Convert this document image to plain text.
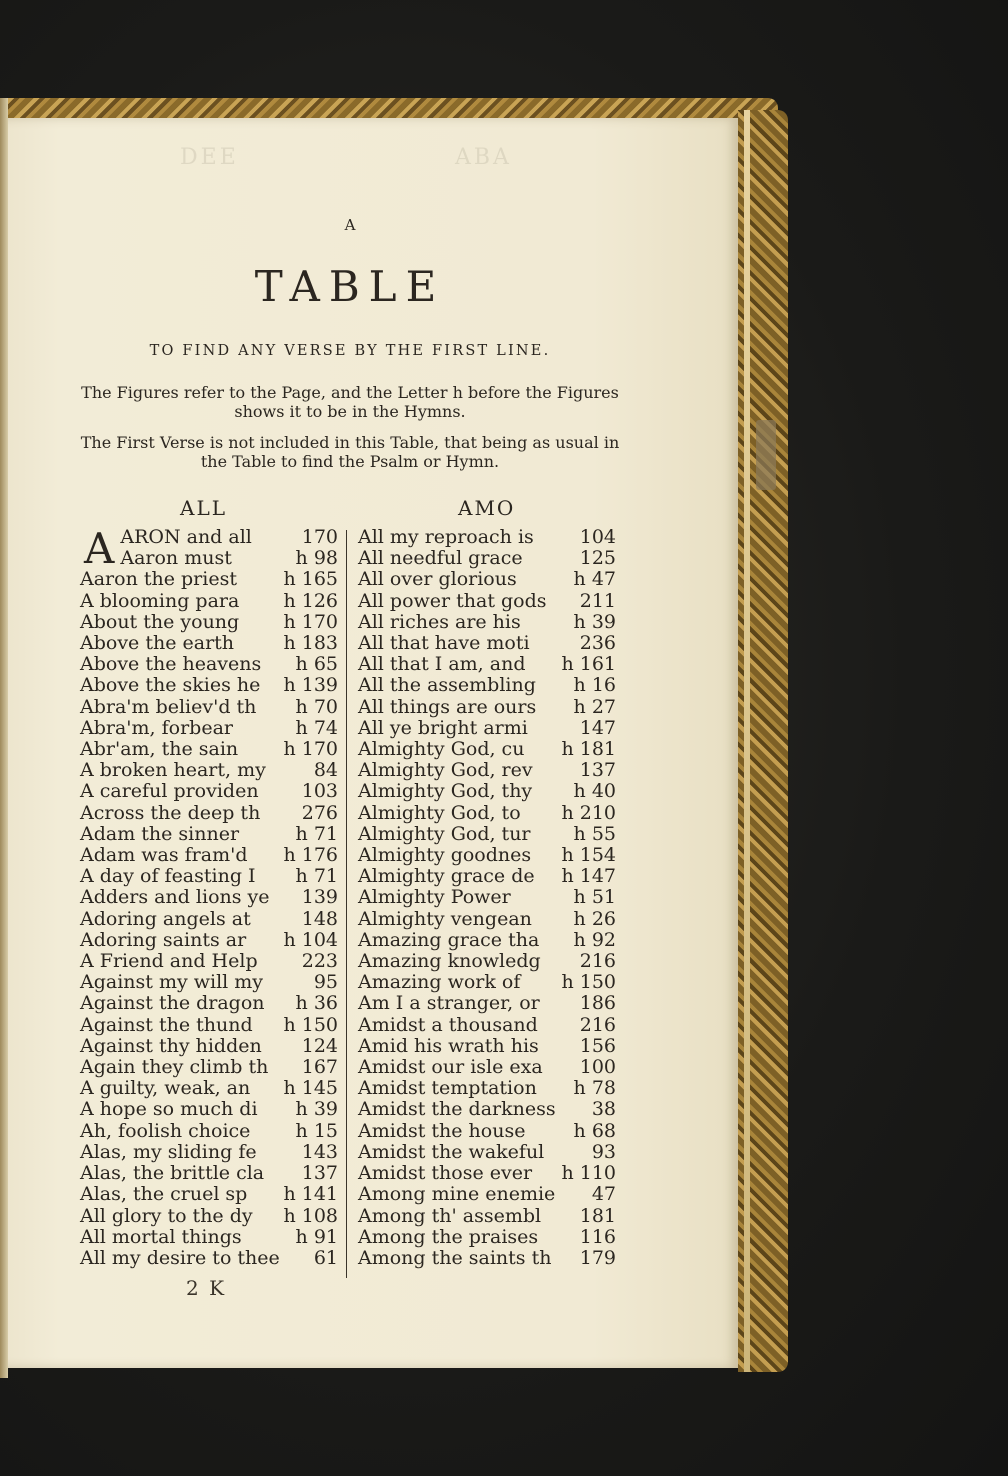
DEE	ABA
A
TABLE
TO FIND ANY VERSE BY THE FIRST LINE.
The Figures refer to the Page, and the Letter h before the Figures shows it to be in the Hymns.
The First Verse is not included in this Table, that being as usual in the Table to find the Psalm or Hymn.
ALL	AMO
A ARON and all	170
Aaron must	h 98
Aaron the priest h 165
A blooming para h 126
About the young h 170
Above the earth	h 183
Above the heavens h 65
Above the skies he h 139
Abra'm believ'd th h 70
Abra'm, forbear	h 74
Abr'am, the sain h 170
A broken heart, my	84
A careful providen 103
Across the deep th 276
Adam the sinner	h 71
Adam was fram'd h 176
A day of feasting I h 71
Adders and lions ye 139
Adoring angels at	148
Adoring saints ar h 104
A Friend and Help 223
Against my will my	95
Against the dragon h 36
Against the thund h 150
Against thy hidden 124
Again they climb th 167
A guilty, weak, an h 145
A hope so much di h 39
Ah, foolish choice h 15
Alas, my sliding fe 143
Alas, the brittle cla 137
Alas, the cruel sp h 141
All glory to the dy h 108
All mortal things	h 91
All my desire to thee 61
All my reproach is 104
All needful grace	125
All over glorious	h 47
All power that gods 211
All riches are his	h 39
All that have moti	236
All that I am, and h 161
All the assembling h 16
All things are ours h 27
All ye bright armi	147
Almighty God, cu h 181
Almighty God, rev 137
Almighty God, thy h 40
Almighty God, to h 210
Almighty God, tur h 55
Almighty goodnes h 154
Almighty grace de h 147
Almighty Power	h 51
Almighty vengean h 26
Amazing grace tha h 92
Amazing knowledg 216
Amazing work of h 150
Am I a stranger, or 186
Amidst a thousand 216
Amid his wrath his 156
Amidst our isle exa 100
Amidst temptation h 78
Amidst the darkness 38
Amidst the house	h 68
Amidst the wakeful	93
Amidst those ever h 110
Among mine enemie 47
Among th' assembl 181
Among the praises 116
Among the saints th 179
2 K
